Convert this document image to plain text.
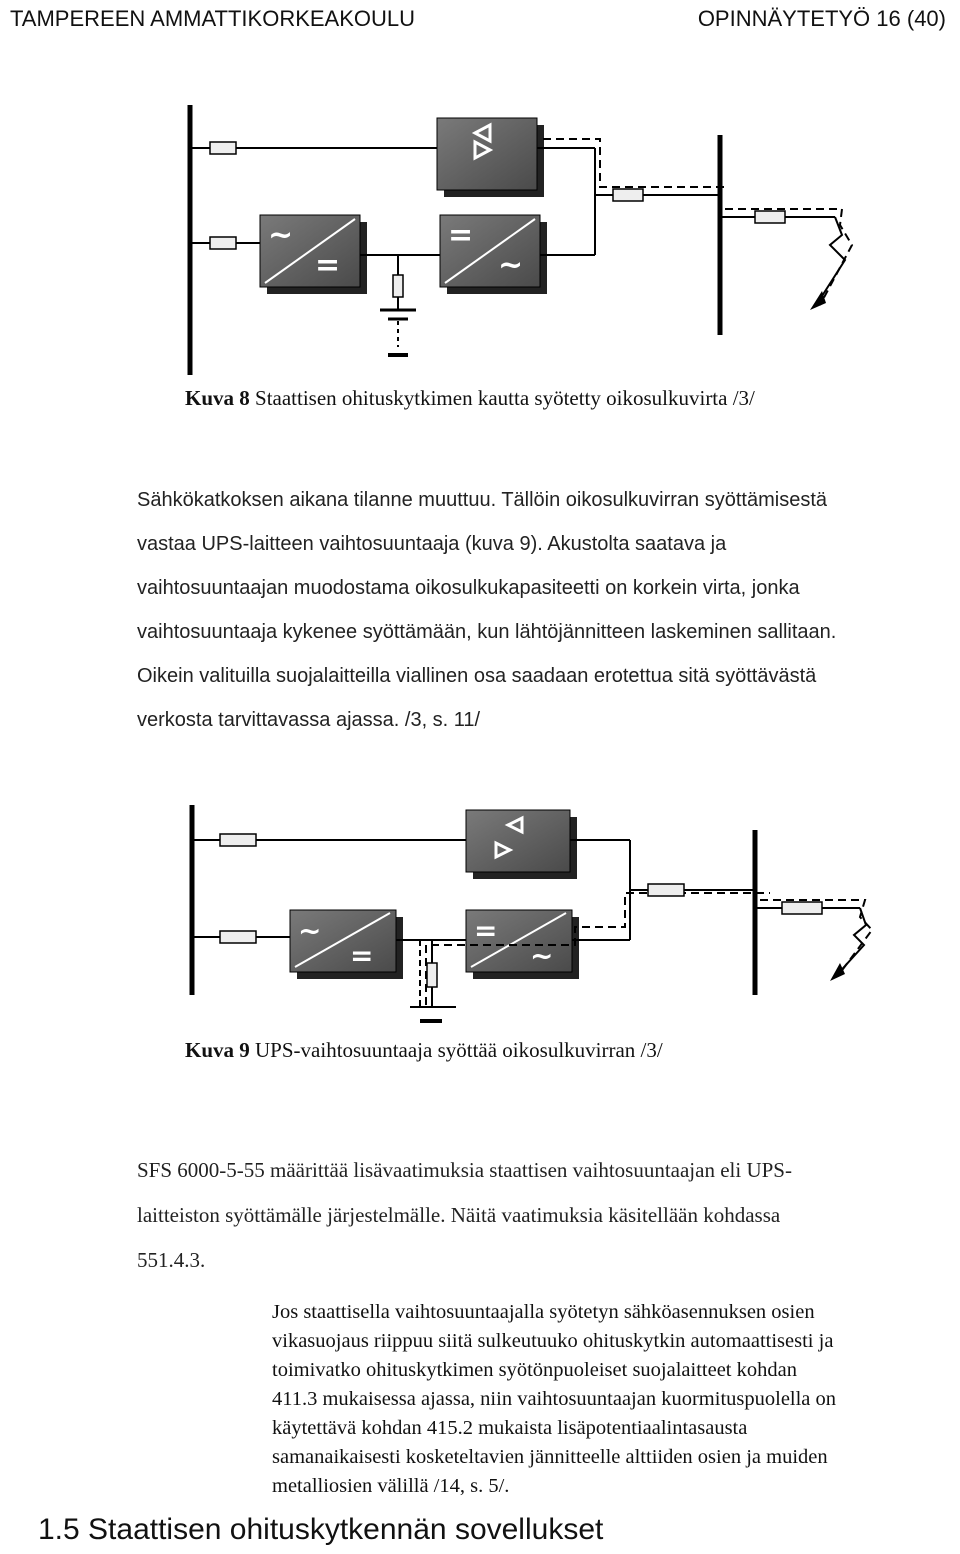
TAMPEREEN AMMATTIKORKEAKOULU	OPINNÄYTETYÖ 16 (40)
~
=
=
~
Kuva 8 Staattisen ohituskytkimen kautta syötetty oikosulkuvirta /3/

Sähkökatkoksen aikana tilanne muuttuu. Tällöin oikosulkuvirran syöttämisestä

vastaa UPS-laitteen vaihtosuuntaaja (kuva 9). Akustolta saatava ja

vaihtosuuntaajan muodostama oikosulkukapasiteetti on korkein virta, jonka

vaihtosuuntaaja kykenee syöttämään, kun lähtöjännitteen laskeminen sallitaan.

Oikein valituilla suojalaitteilla viallinen osa saadaan erotettua sitä syöttävästä

verkosta tarvittavassa ajassa. /3, s. 11/

~
=
=
~
Kuva 9 UPS-vaihtosuuntaaja syöttää oikosulkuvirran /3/

SFS 6000-5-55 määrittää lisävaatimuksia staattisen vaihtosuuntaajan eli UPS-

laitteiston syöttämälle järjestelmälle. Näitä vaatimuksia käsitellään kohdassa

551.4.3.

Jos staattisella vaihtosuuntaajalla syötetyn sähköasennuksen osien

vikasuojaus riippuu siitä sulkeutuuko ohituskytkin automaattisesti ja

toimivatko ohituskytkimen syötönpuoleiset suojalaitteet kohdan

411.3 mukaisessa ajassa, niin vaihtosuuntaajan kuormituspuolella on

käytettävä kohdan 415.2 mukaista lisäpotentiaalintasausta

samanaikaisesti kosketeltavien jännitteelle alttiiden osien ja muiden

metalliosien välillä /14, s. 5/.

1.5 Staattisen ohituskytkennän sovellukset
